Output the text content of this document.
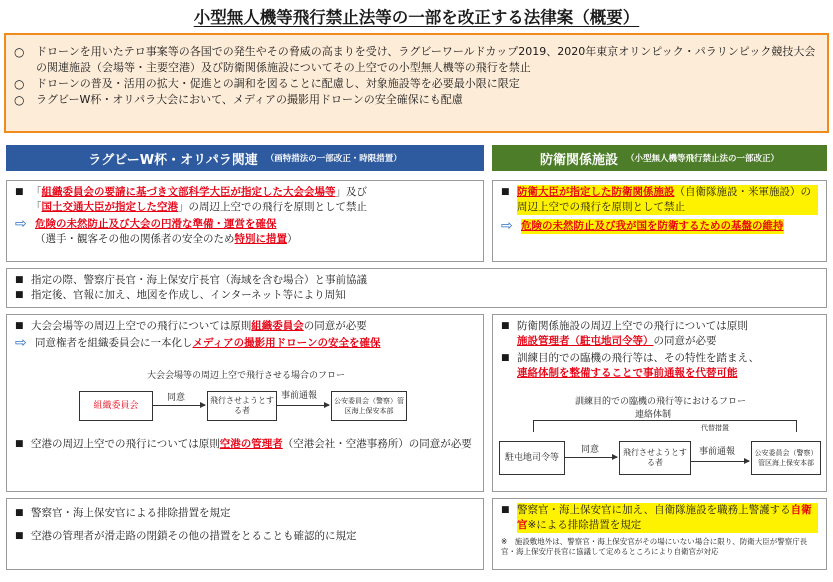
小型無人機等飛行禁止法等の一部を改正する法律案（概要）
○	ドローンを用いたテロ事案等の各国での発生やその脅威の高まりを受け、ラグビーワールドカップ2019、2020年東京オリンピック・パラリンピック競技大会の関連施設（会場等・主要空港）及び防衛関係施設についてその上空での小型無人機等の飛行を禁止
○	ドローンの普及・活用の拡大・促進との調和を図ることに配慮し、対象施設等を必要最小限に限定
○	ラグビーW杯・オリパラ大会において、メディアの撮影用ドローンの安全確保にも配慮
ラグビーW杯・オリパラ関連 （画特措法の一部改正・時限措置）	防衛関係施設 （小型無人機等飛行禁止法の一部改正）
■ 「組織委員会の要請に基づき文部科学大臣が指定した大会会場等」及び
「国土交通大臣が指定した空港」の周辺上空での飛行を原則として禁止
⇨ 危険の未然防止及び大会の円滑な準備・運営を確保
（選手・観客その他の関係者の安全のため特別に措置）
■ 防衛大臣が指定した防衛関係施設（自衛隊施設・米軍施設）の周辺上空での飛行を原則として禁止
⇨ 危険の未然防止及び我が国を防衛するための基盤の維持
■ 指定の際、警察庁長官・海上保安庁長官（海域を含む場合）と事前協議
■ 指定後、官報に加え、地図を作成し、インターネット等により周知
■ 大会会場等の周辺上空での飛行については原則組織委員会の同意が必要
⇨ 同意権者を組織委員会に一本化しメディアの撮影用ドローンの安全を確保
大会会場等の周辺上空で飛行させる場合のフロー
組織委員会
同意	飛行させようとする者
事前通報	公安委員会（警察）管区海上保安本部
■ 空港の周辺上空での飛行については原則空港の管理者（空港会社・空港事務所）の同意が必要
■ 防衛関係施設の周辺上空での飛行については原則
施設管理者（駐屯地司令等）の同意が必要
■ 訓練目的での臨機の飛行等は、その特性を踏まえ、
連絡体制を整備することで事前通報を代替可能
訓練目的での臨機の飛行等におけるフロー
連絡体制
代替措置
駐屯地司令等
同意	飛行させようとする者
事前通報	公安委員会（警察）管区海上保安本部
■ 警察官・海上保安官による排除措置を規定
■ 空港の管理者が滑走路の閉鎖その他の措置をとることも確認的に規定
■ 警察官・海上保安官に加え、自衛隊施設を職務上警護する自衛官※による排除措置を規定
※　施設敷地外は、警察官・海上保安官がその場にいない場合に限り、防衛大臣が警察庁長官・海上保安庁長官に協議して定めるところにより自衛官が対応
